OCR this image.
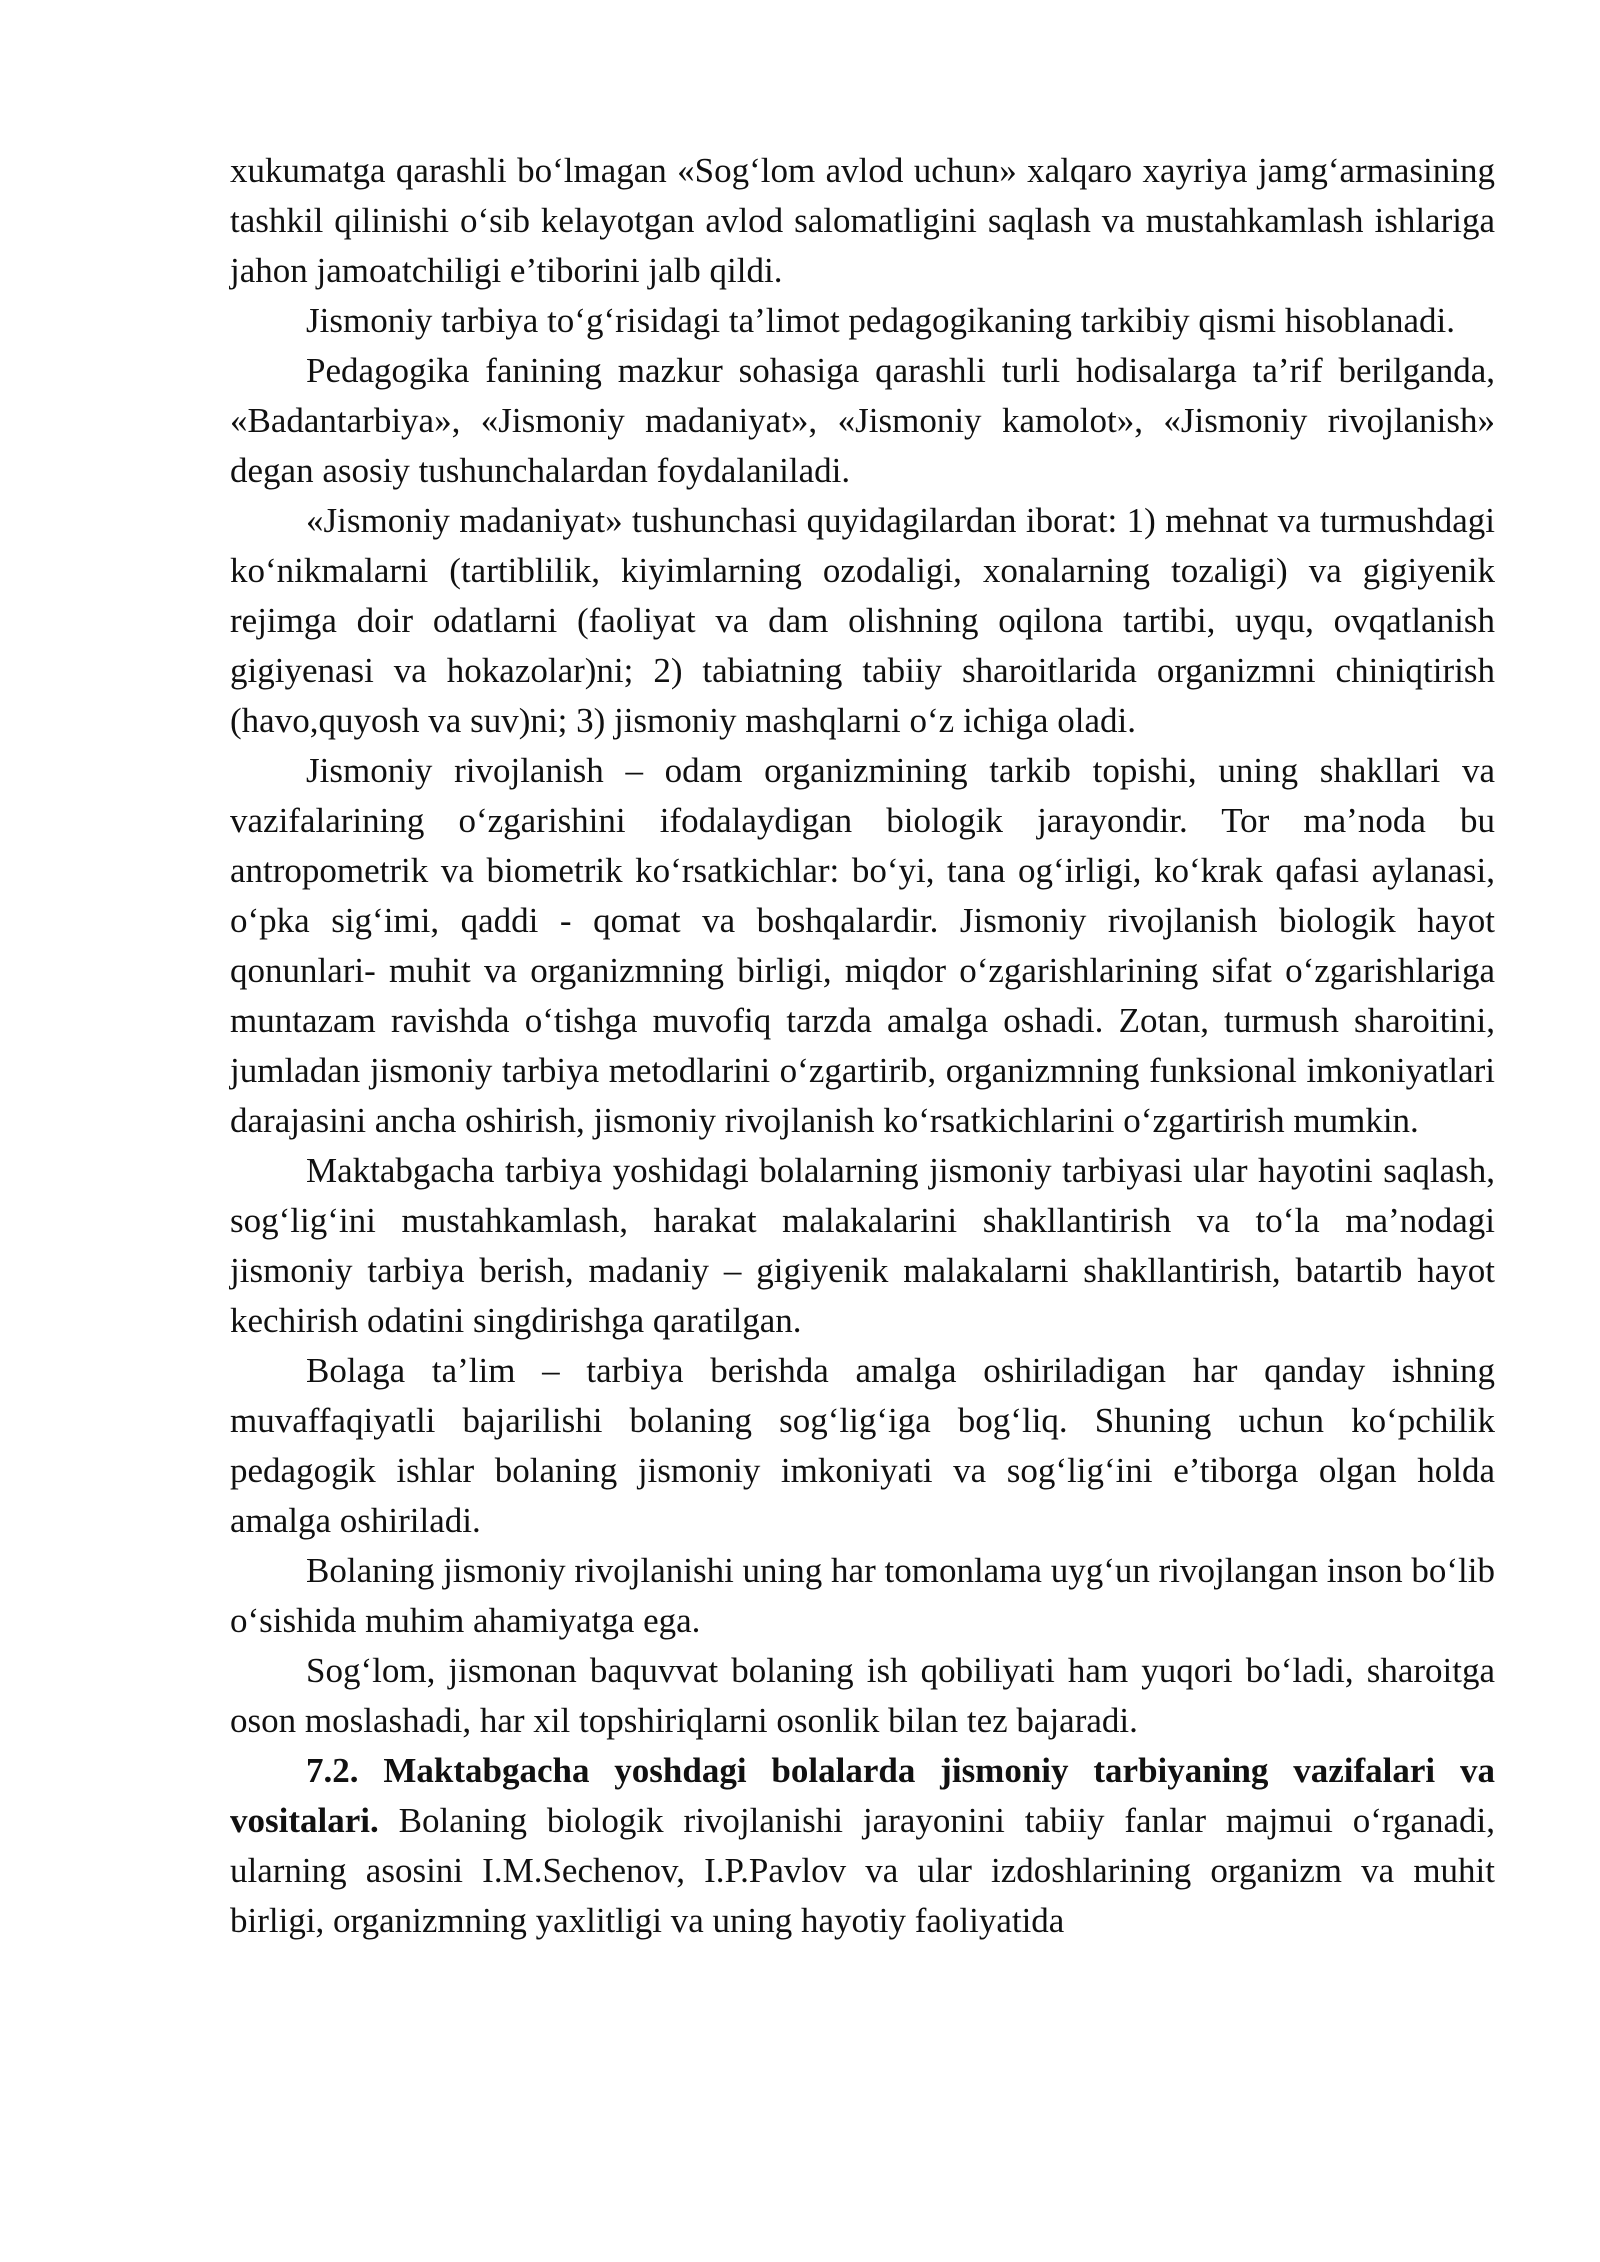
xukumatga qarashli bo‘lmagan «Sog‘lom avlod uchun» xalqaro xayriya jamg‘armasining tashkil qilinishi o‘sib kelayotgan avlod salomatligini saqlash va mustahkamlash ishlariga jahon jamoatchiligi e’tiborini jalb qildi.

Jismoniy tarbiya to‘g‘risidagi ta’limot pedagogikaning tarkibiy qismi hisoblanadi.

Pedagogika fanining mazkur sohasiga qarashli turli hodisalarga ta’rif berilganda, «Badantarbiya», «Jismoniy madaniyat», «Jismoniy kamolot», «Jismoniy rivojlanish» degan asosiy tushunchalardan foydalaniladi.

«Jismoniy madaniyat» tushunchasi quyidagilardan iborat: 1) mehnat va turmushdagi ko‘nikmalarni (tartiblilik, kiyimlarning ozodaligi, xonalarning tozaligi) va gigiyenik rejimga doir odatlarni (faoliyat va dam olishning oqilona tartibi, uyqu, ovqatlanish gigiyenasi va hokazolar)ni; 2) tabiatning tabiiy sharoitlarida organizmni chiniqtirish (havo,quyosh va suv)ni; 3) jismoniy mashqlarni o‘z ichiga oladi.

Jismoniy rivojlanish – odam organizmining tarkib topishi, uning shakllari va vazifalarining o‘zgarishini ifodalaydigan biologik jarayondir. Tor ma’noda bu antropometrik va biometrik ko‘rsatkichlar: bo‘yi, tana og‘irligi, ko‘krak qafasi aylanasi, o‘pka sig‘imi, qaddi - qomat va boshqalardir. Jismoniy rivojlanish biologik hayot qonunlari- muhit va organizmning birligi, miqdor o‘zgarishlarining sifat o‘zgarishlariga muntazam ravishda o‘tishga muvofiq tarzda amalga oshadi. Zotan, turmush sharoitini, jumladan jismoniy tarbiya metodlarini o‘zgartirib, organizmning funksional imkoniyatlari darajasini ancha oshirish, jismoniy rivojlanish ko‘rsatkichlarini o‘zgartirish mumkin.

Maktabgacha tarbiya yoshidagi bolalarning jismoniy tarbiyasi ular hayotini saqlash, sog‘lig‘ini mustahkamlash, harakat malakalarini shakllantirish va to‘la ma’nodagi jismoniy tarbiya berish, madaniy – gigiyenik malakalarni shakllantirish, batartib hayot kechirish odatini singdirishga qaratilgan.

Bolaga ta’lim – tarbiya berishda amalga oshiriladigan har qanday ishning muvaffaqiyatli bajarilishi bolaning sog‘lig‘iga bog‘liq. Shuning uchun ko‘pchilik pedagogik ishlar bolaning jismoniy imkoniyati va sog‘lig‘ini e’tiborga olgan holda amalga oshiriladi.

Bolaning jismoniy rivojlanishi uning har tomonlama uyg‘un rivojlangan inson bo‘lib o‘sishida muhim ahamiyatga ega.

Sog‘lom, jismonan baquvvat bolaning ish qobiliyati ham yuqori bo‘ladi, sharoitga oson moslashadi, har xil topshiriqlarni osonlik bilan tez bajaradi.

7.2. Maktabgacha yoshdagi bolalarda jismoniy tarbiyaning vazifalari va vositalari. Bolaning biologik rivojlanishi jarayonini tabiiy fanlar majmui o‘rganadi, ularning asosini I.M.Sechenov, I.P.Pavlov va ular izdoshlarining organizm va muhit birligi, organizmning yaxlitligi va uning hayotiy faoliyatida
